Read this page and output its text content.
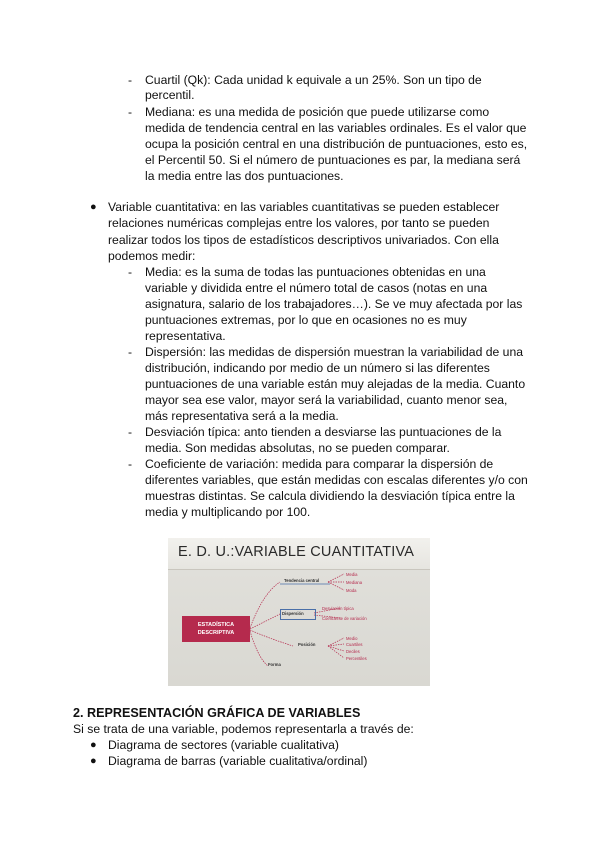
- Cuartil (Qk): Cada unidad k equivale a un 25%. Son un tipo de
percentil.
- Mediana: es una medida de posición que puede utilizarse como
medida de tendencia central en las variables ordinales. Es el valor que
ocupa la posición central en una distribución de puntuaciones, esto es,
el Percentil 50. Si el número de puntuaciones es par, la mediana será
la media entre las dos puntuaciones.
● Variable cuantitativa: en las variables cuantitativas se pueden establecer
relaciones numéricas complejas entre los valores, por tanto se pueden
realizar todos los tipos de estadísticos descriptivos univariados. Con ella
podemos medir:
- Media: es la suma de todas las puntuaciones obtenidas en una
variable y dividida entre el número total de casos (notas en una
asignatura, salario de los trabajadores…). Se ve muy afectada por las
puntuaciones extremas, por lo que en ocasiones no es muy
representativa.
- Dispersión: las medidas de dispersión muestran la variabilidad de una
distribución, indicando por medio de un número si las diferentes
puntuaciones de una variable están muy alejadas de la media. Cuanto
mayor sea ese valor, mayor será la variabilidad, cuanto menor sea,
más representativa será a la media.
- Desviación típica: anto tienden a desviarse las puntuaciones de la
media. Son medidas absolutas, no se pueden comparar.
- Coeficiente de variación: medida para comparar la dispersión de
diferentes variables, que están medidas con escalas diferentes y/o con
muestras distintas. Se calcula dividiendo la desviación típica entre la
media y multiplicando por 100.
E. D. U.:VARIABLE CUANTITATIVA
ESTADÍSTICA
DESCRIPTIVA
Tendencia central
Dispersión
Posición
Forma
Media
Mediana
Moda
Desviación típica
Coeficiente de variación
Medio
Cuartiles
Deciles
Percentiles
2. REPRESENTACIÓN GRÁFICA DE VARIABLES
Si se trata de una variable, podemos representarla a través de:
● Diagrama de sectores (variable cualitativa)
● Diagrama de barras (variable cualitativa/ordinal)
